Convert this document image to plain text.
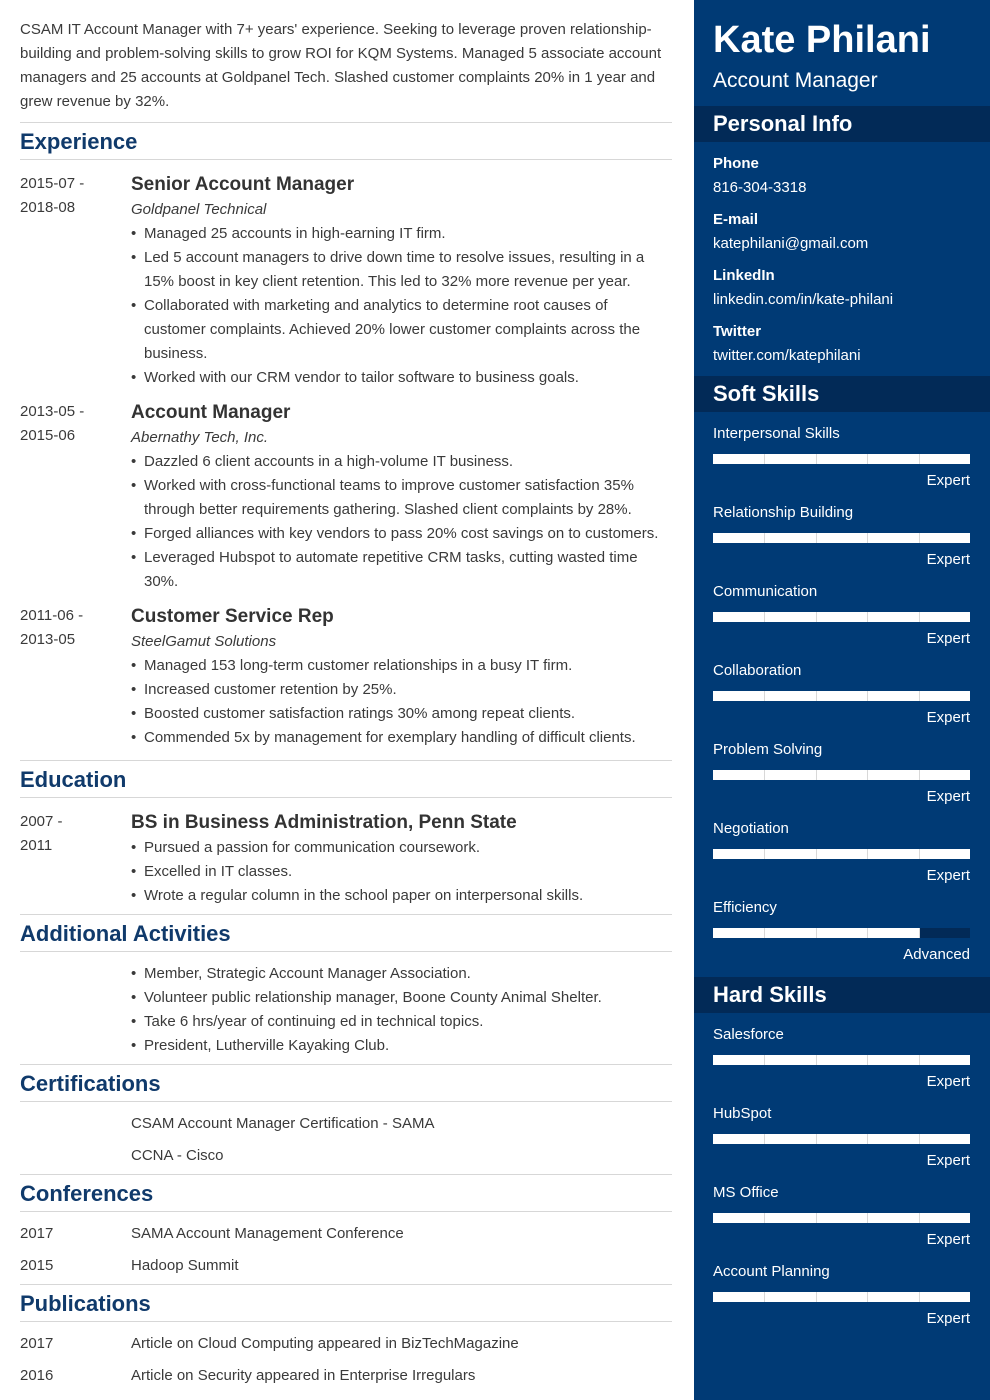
CSAM IT Account Manager with 7+ years' experience. Seeking to leverage proven relationship-building and problem-solving skills to grow ROI for KQM Systems. Managed 5 associate account managers and 25 accounts at Goldpanel Tech. Slashed customer complaints 20% in 1 year and grew revenue by 32%.

Experience
2015-07 -
2018-08
Senior Account Manager
Goldpanel Technical
• Managed 25 accounts in high-earning IT firm.
• Led 5 account managers to drive down time to resolve issues, resulting in a 15% boost in key client retention. This led to 32% more revenue per year.
• Collaborated with marketing and analytics to determine root causes of customer complaints. Achieved 20% lower customer complaints across the business.
• Worked with our CRM vendor to tailor software to business goals.
2013-05 -
2015-06
Account Manager
Abernathy Tech, Inc.
• Dazzled 6 client accounts in a high-volume IT business.
• Worked with cross-functional teams to improve customer satisfaction 35% through better requirements gathering. Slashed client complaints by 28%.
• Forged alliances with key vendors to pass 20% cost savings on to customers.
• Leveraged Hubspot to automate repetitive CRM tasks, cutting wasted time 30%.
2011-06 -
2013-05
Customer Service Rep
SteelGamut Solutions
• Managed 153 long-term customer relationships in a busy IT firm.
• Increased customer retention by 25%.
• Boosted customer satisfaction ratings 30% among repeat clients.
• Commended 5x by management for exemplary handling of difficult clients.
Education
2007 -
2011
BS in Business Administration, Penn State
• Pursued a passion for communication coursework.
• Excelled in IT classes.
• Wrote a regular column in the school paper on interpersonal skills.
Additional Activities
• Member, Strategic Account Manager Association.
• Volunteer public relationship manager, Boone County Animal Shelter.
• Take 6 hrs/year of continuing ed in technical topics.
• President, Lutherville Kayaking Club.
Certifications
CSAM Account Manager Certification - SAMA
CCNA - Cisco
Conferences
2017	SAMA Account Management Conference
2015	Hadoop Summit
Publications
2017	Article on Cloud Computing appeared in BizTechMagazine
2016	Article on Security appeared in Enterprise Irregulars
Kate Philani
Account Manager
Personal Info
Phone
816-304-3318
E-mail
katephilani@gmail.com
LinkedIn
linkedin.com/in/kate-philani
Twitter
twitter.com/katephilani
Soft Skills
Interpersonal Skills
Expert
Relationship Building
Expert
Communication
Expert
Collaboration
Expert
Problem Solving
Expert
Negotiation
Expert
Efficiency
Advanced
Hard Skills
Salesforce
Expert
HubSpot
Expert
MS Office
Expert
Account Planning
Expert
